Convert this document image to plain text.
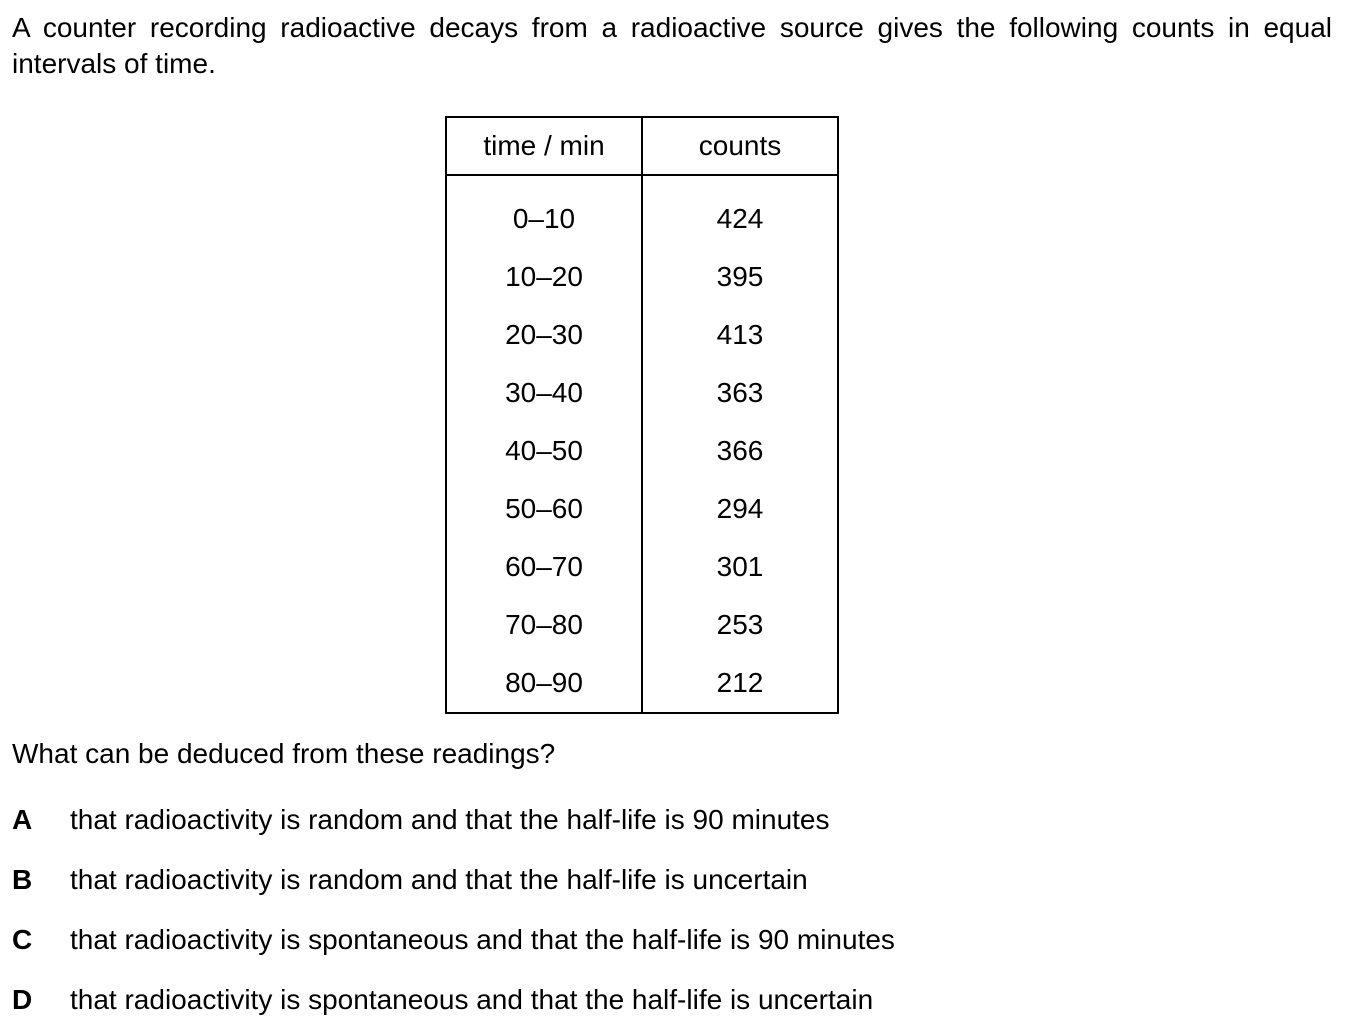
A counter recording radioactive decays from a radioactive source gives the following counts in equal intervals of time.

time / min	counts
0–10	424
10–20	395
20–30	413
30–40	363
40–50	366
50–60	294
60–70	301
70–80	253
80–90	212

What can be deduced from these readings?

A	that radioactivity is random and that the half-life is 90 minutes
B	that radioactivity is random and that the half-life is uncertain
C	that radioactivity is spontaneous and that the half-life is 90 minutes
D	that radioactivity is spontaneous and that the half-life is uncertain
